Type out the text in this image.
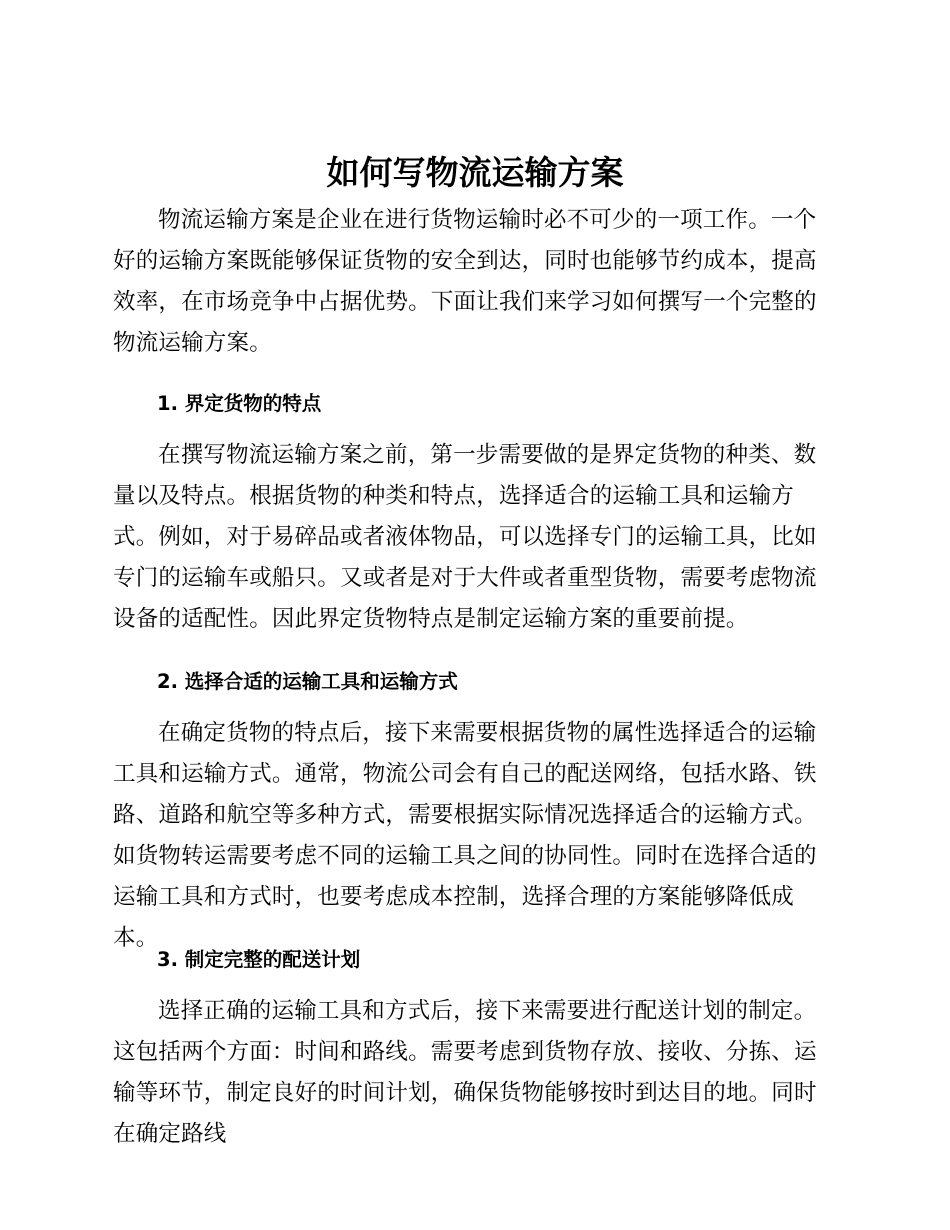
如何写物流运输方案

物流运输方案是企业在进行货物运输时必不可少的一项工作。一个好的运输方案既能够保证货物的安全到达，同时也能够节约成本，提高效率，在市场竞争中占据优势。下面让我们来学习如何撰写一个完整的物流运输方案。

1. 界定货物的特点

在撰写物流运输方案之前，第一步需要做的是界定货物的种类、数量以及特点。根据货物的种类和特点，选择适合的运输工具和运输方式。例如，对于易碎品或者液体物品，可以选择专门的运输工具，比如专门的运输车或船只。又或者是对于大件或者重型货物，需要考虑物流设备的适配性。因此界定货物特点是制定运输方案的重要前提。

2. 选择合适的运输工具和运输方式

在确定货物的特点后，接下来需要根据货物的属性选择适合的运输工具和运输方式。通常，物流公司会有自己的配送网络，包括水路、铁路、道路和航空等多种方式，需要根据实际情况选择适合的运输方式。如货物转运需要考虑不同的运输工具之间的协同性。同时在选择合适的运输工具和方式时，也要考虑成本控制，选择合理的方案能够降低成本。

3. 制定完整的配送计划

选择正确的运输工具和方式后，接下来需要进行配送计划的制定。这包括两个方面：时间和路线。需要考虑到货物存放、接收、分拣、运输等环节，制定良好的时间计划，确保货物能够按时到达目的地。同时在确定路线
